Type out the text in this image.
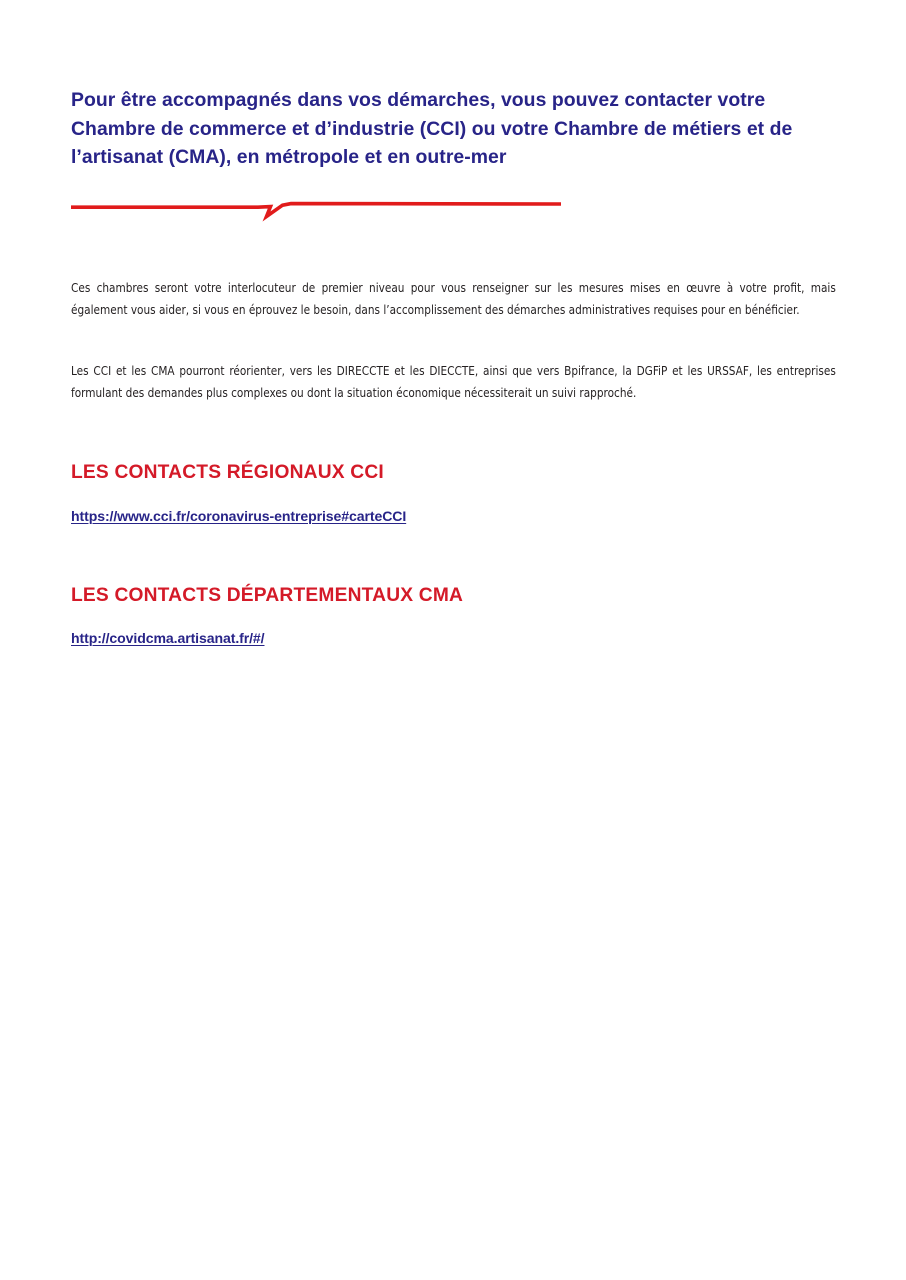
Pour être accompagnés dans vos démarches, vous pouvez contacter votre Chambre de commerce et d’industrie (CCI) ou votre Chambre de métiers et de l’artisanat (CMA), en métropole et en outre-mer

Ces chambres seront votre interlocuteur de premier niveau pour vous renseigner sur les mesures mises en œuvre à votre profit, mais également vous aider, si vous en éprouvez le besoin, dans l’accomplissement des démarches administratives requises pour en bénéficier.

Les CCI et les CMA pourront réorienter, vers les DIRECCTE et les DIECCTE, ainsi que vers Bpifrance, la DGFiP et les URSSAF, les entreprises formulant des demandes plus complexes ou dont la situation économique nécessiterait un suivi rapproché.

LES CONTACTS RÉGIONAUX CCI
https://www.cci.fr/coronavirus-entreprise#carteCCI
LES CONTACTS DÉPARTEMENTAUX CMA
http://covidcma.artisanat.fr/#/
